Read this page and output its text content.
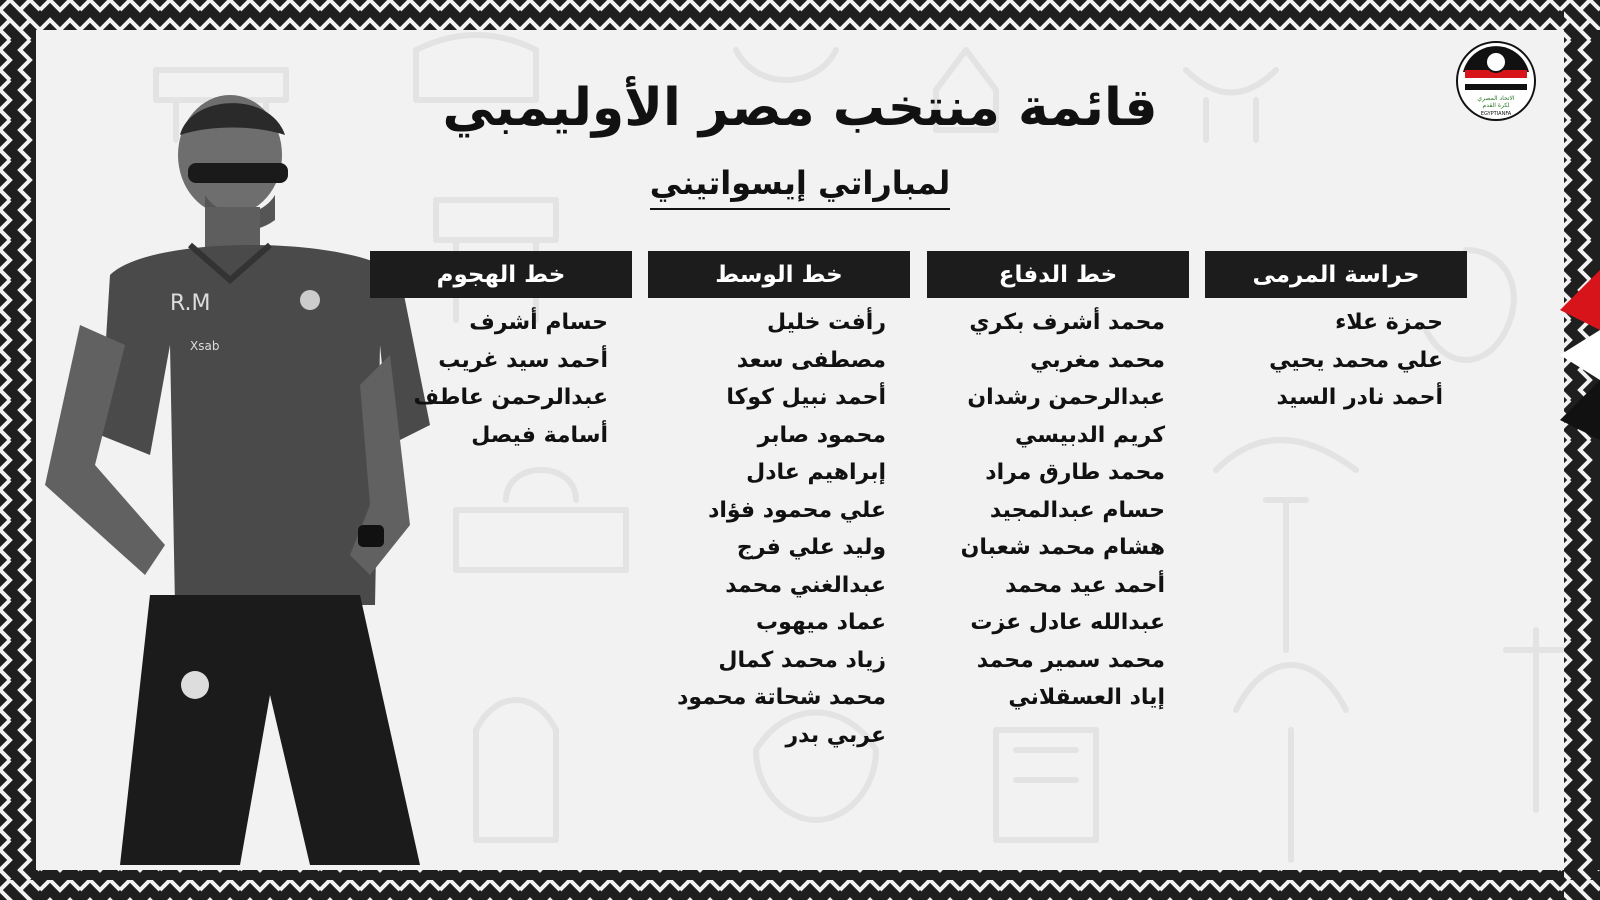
الاتحاد المصري
لكرة القدم
EGYPTIANFA
R.M
Xsab
قائمة منتخب مصر الأوليمبي
لمباراتي إيسواتيني
حراسة المرمى
حمزة علاء
علي محمد يحيي
أحمد نادر السيد
خط الدفاع
محمد أشرف بكري
محمد مغربي
عبدالرحمن رشدان
كريم الدبيسي
محمد طارق مراد
حسام عبدالمجيد
هشام محمد شعبان
أحمد عيد محمد
عبدالله عادل عزت
محمد سمير محمد
إياد العسقلاني
خط الوسط
رأفت خليل
مصطفى سعد
أحمد نبيل كوكا
محمود صابر
إبراهيم عادل
علي محمود فؤاد
وليد علي فرج
عبدالغني محمد
عماد ميهوب
زياد محمد كمال
محمد شحاتة محمود
عربي بدر
خط الهجوم
حسام أشرف
أحمد سيد غريب
عبدالرحمن عاطف
أسامة فيصل
